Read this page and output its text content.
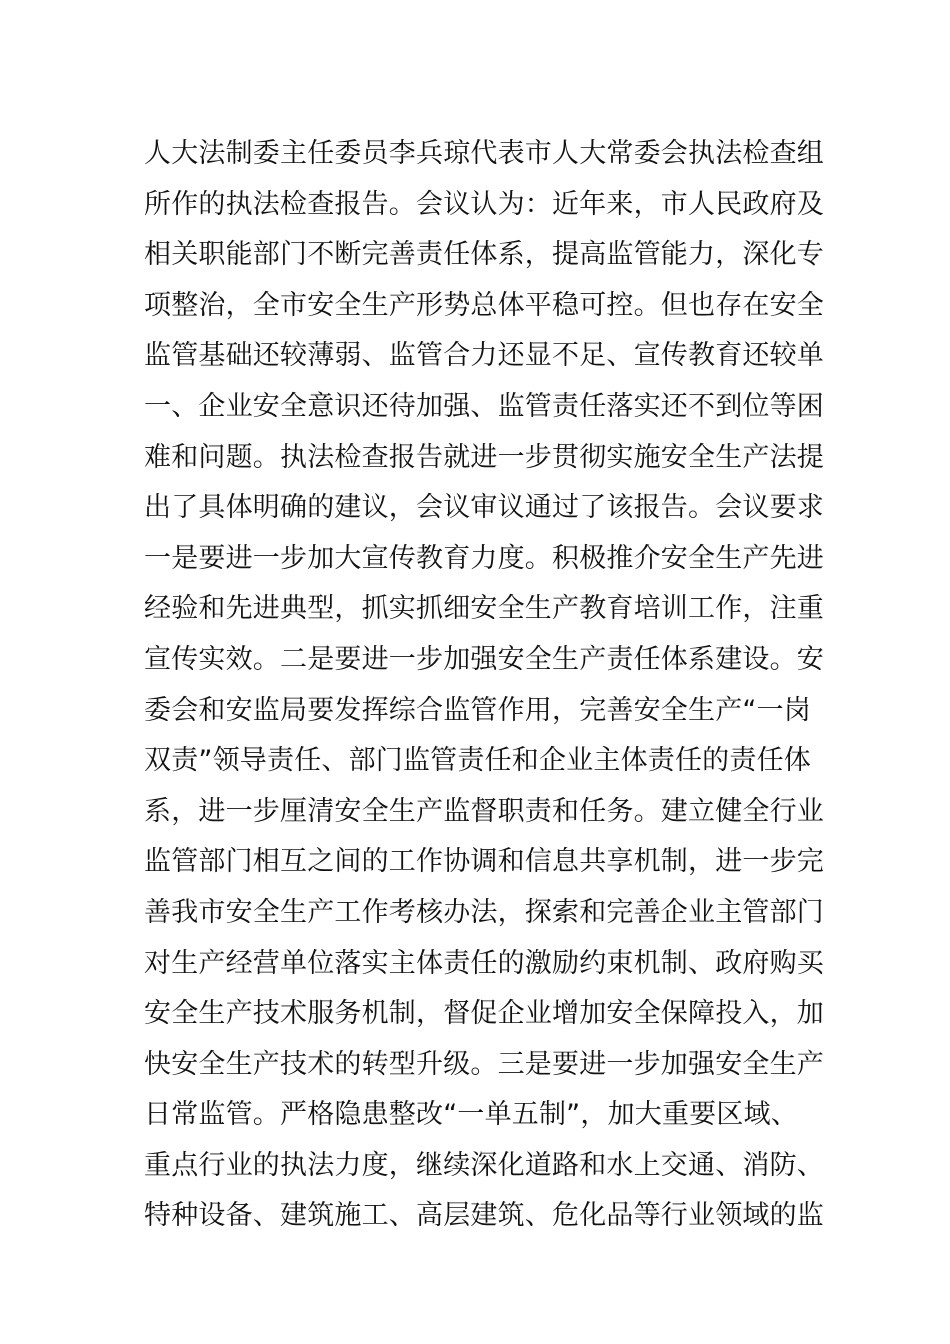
人大法制委主任委员李兵琼代表市人大常委会执法检查组
所作的执法检查报告。会议认为：近年来，市人民政府及
相关职能部门不断完善责任体系，提高监管能力，深化专
项整治，全市安全生产形势总体平稳可控。但也存在安全
监管基础还较薄弱、监管合力还显不足、宣传教育还较单
一、企业安全意识还待加强、监管责任落实还不到位等困
难和问题。执法检查报告就进一步贯彻实施安全生产法提
出了具体明确的建议，会议审议通过了该报告。会议要求
一是要进一步加大宣传教育力度。积极推介安全生产先进
经验和先进典型，抓实抓细安全生产教育培训工作，注重
宣传实效。二是要进一步加强安全生产责任体系建设。安
委会和安监局要发挥综合监管作用，完善安全生产“一岗
双责”领导责任、部门监管责任和企业主体责任的责任体
系，进一步厘清安全生产监督职责和任务。建立健全行业
监管部门相互之间的工作协调和信息共享机制，进一步完
善我市安全生产工作考核办法，探索和完善企业主管部门
对生产经营单位落实主体责任的激励约束机制、政府购买
安全生产技术服务机制，督促企业增加安全保障投入，加
快安全生产技术的转型升级。三是要进一步加强安全生产
日常监管。严格隐患整改“一单五制”，加大重要区域、
重点行业的执法力度，继续深化道路和水上交通、消防、
特种设备、建筑施工、高层建筑、危化品等行业领域的监
